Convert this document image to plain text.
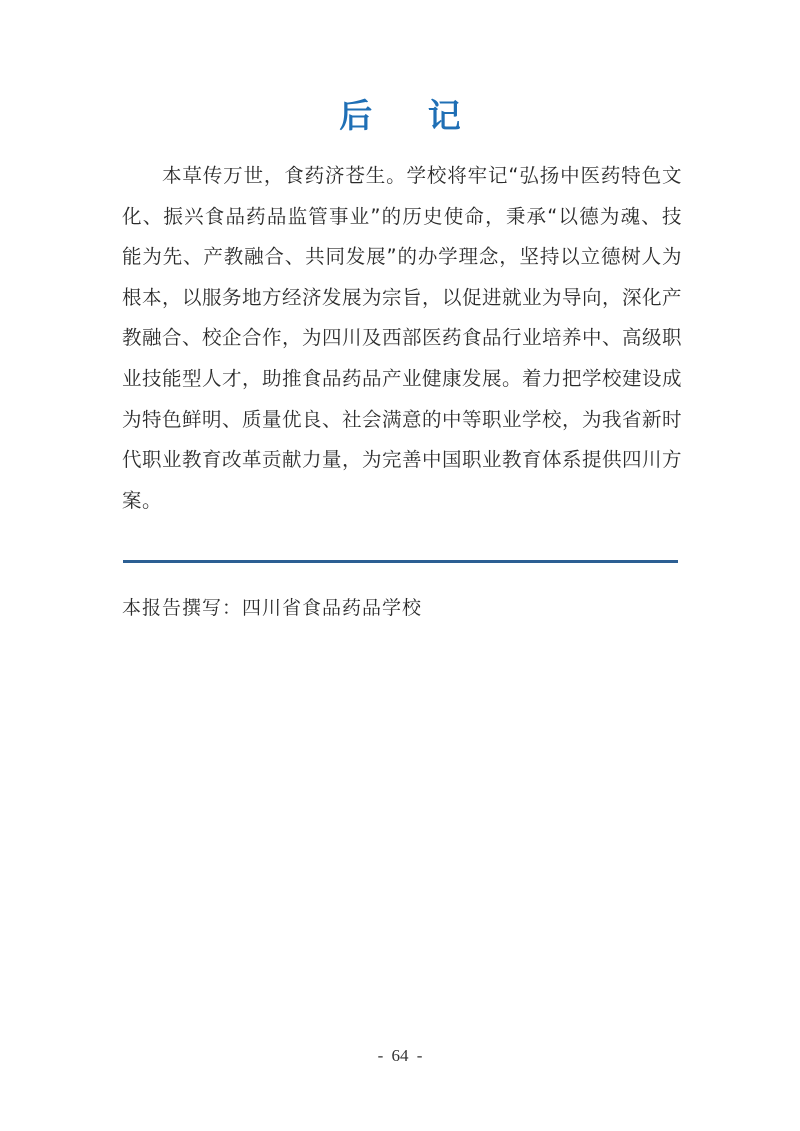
后 记

本草传万世，食药济苍生。学校将牢记“弘扬中医药特色文化、振兴食品药品监管事业”的历史使命，秉承“以德为魂、技能为先、产教融合、共同发展”的办学理念，坚持以立德树人为根本，以服务地方经济发展为宗旨，以促进就业为导向，深化产教融合、校企合作，为四川及西部医药食品行业培养中、高级职业技能型人才，助推食品药品产业健康发展。着力把学校建设成为特色鲜明、质量优良、社会满意的中等职业学校，为我省新时代职业教育改革贡献力量，为完善中国职业教育体系提供四川方案。

本报告撰写：四川省食品药品学校
- 64 -
